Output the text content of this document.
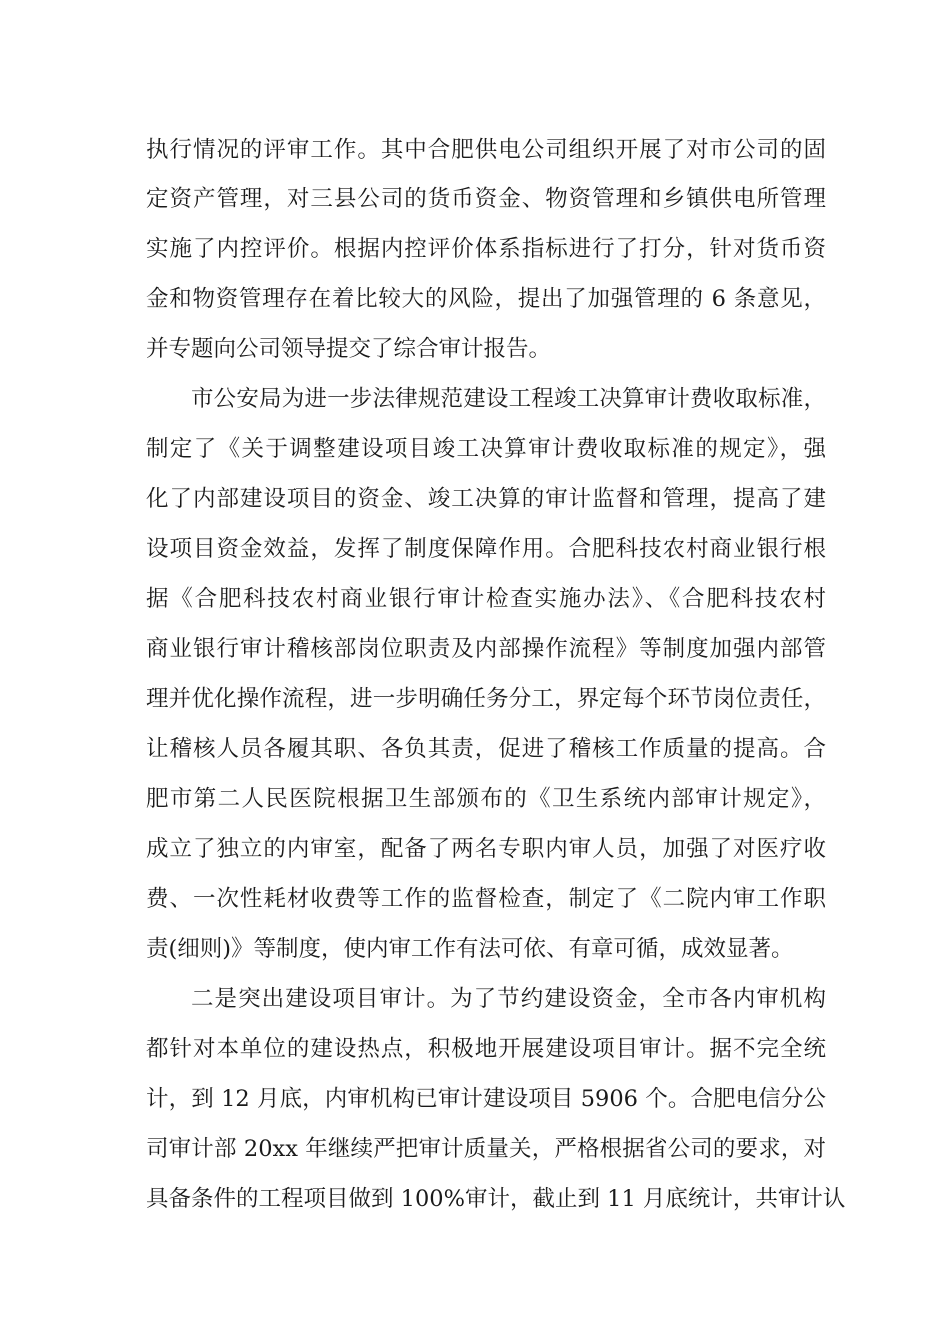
执行情况的评审工作。其中合肥供电公司组织开展了对市公司的固
定资产管理，对三县公司的货币资金、物资管理和乡镇供电所管理
实施了内控评价。根据内控评价体系指标进行了打分，针对货币资
金和物资管理存在着比较大的风险，提出了加强管理的 6 条意见，
并专题向公司领导提交了综合审计报告。
市公安局为进一步法律规范建设工程竣工决算审计费收取标准，
制定了《关于调整建设项目竣工决算审计费收取标准的规定》，强
化了内部建设项目的资金、竣工决算的审计监督和管理，提高了建
设项目资金效益，发挥了制度保障作用。合肥科技农村商业银行根
据《合肥科技农村商业银行审计检查实施办法》、《合肥科技农村
商业银行审计稽核部岗位职责及内部操作流程》等制度加强内部管
理并优化操作流程，进一步明确任务分工，界定每个环节岗位责任，
让稽核人员各履其职、各负其责，促进了稽核工作质量的提高。合
肥市第二人民医院根据卫生部颁布的《卫生系统内部审计规定》，
成立了独立的内审室，配备了两名专职内审人员，加强了对医疗收
费、一次性耗材收费等工作的监督检查，制定了《二院内审工作职
责(细则)》等制度，使内审工作有法可依、有章可循，成效显著。
二是突出建设项目审计。为了节约建设资金，全市各内审机构
都针对本单位的建设热点，积极地开展建设项目审计。据不完全统
计，到 12 月底，内审机构已审计建设项目 5906 个。合肥电信分公
司审计部 20xx 年继续严把审计质量关，严格根据省公司的要求，对
具备条件的工程项目做到 100%审计，截止到 11 月底统计，共审计认
